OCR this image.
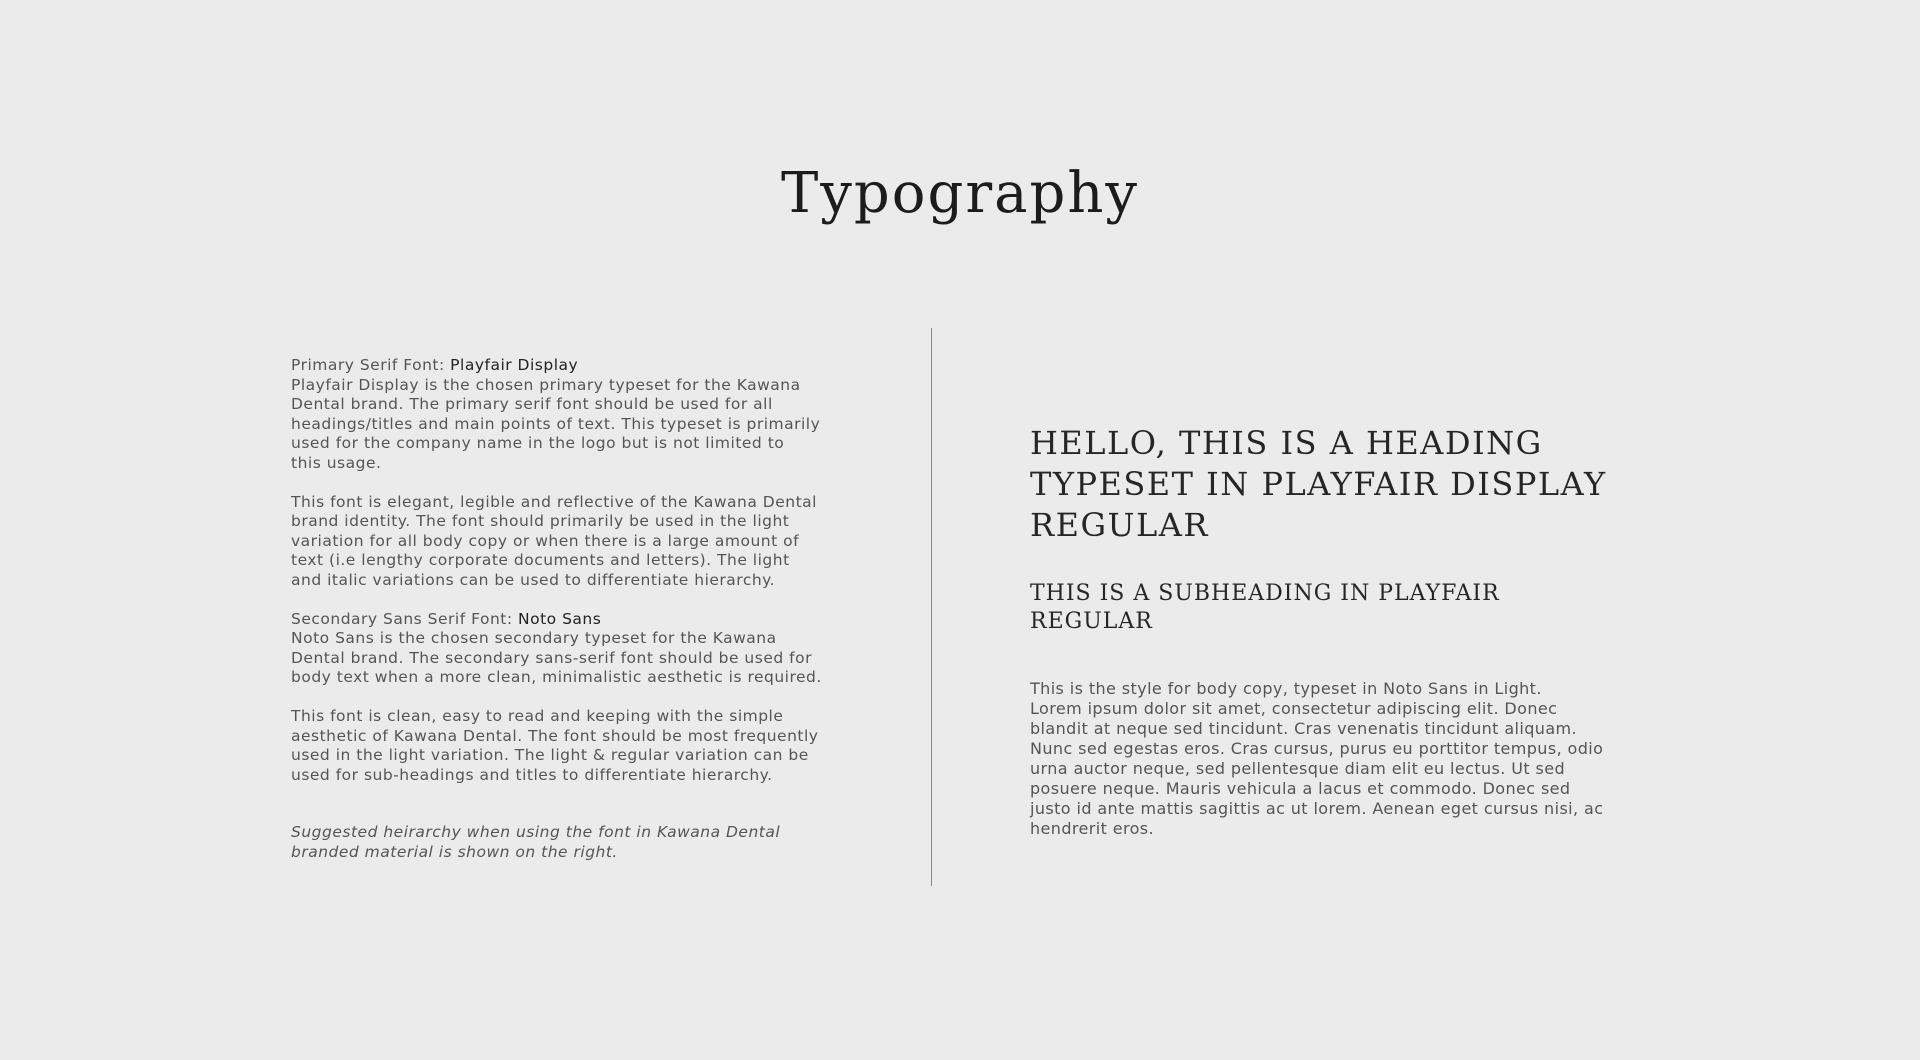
Typography

Primary Serif Font: Playfair Display
Playfair Display is the chosen primary typeset for the Kawana
Dental brand. The primary serif font should be used for all
headings/titles and main points of text. This typeset is primarily
used for the company name in the logo but is not limited to
this usage.

This font is elegant, legible and reflective of the Kawana Dental
brand identity. The font should primarily be used in the light
variation for all body copy or when there is a large amount of
text (i.e lengthy corporate documents and letters). The light
and italic variations can be used to differentiate hierarchy.

Secondary Sans Serif Font: Noto Sans
Noto Sans is the chosen secondary typeset for the Kawana
Dental brand. The secondary sans-serif font should be used for
body text when a more clean, minimalistic aesthetic is required.

This font is clean, easy to read and keeping with the simple
aesthetic of Kawana Dental. The font should be most frequently
used in the light variation. The light & regular variation can be
used for sub-headings and titles to differentiate hierarchy.

Suggested heirarchy when using the font in Kawana Dental
branded material is shown on the right.

HELLO, THIS IS A HEADING
TYPESET IN PLAYFAIR DISPLAY
REGULAR
THIS IS A SUBHEADING IN PLAYFAIR REGULAR

This is the style for body copy, typeset in Noto Sans in Light.
Lorem ipsum dolor sit amet, consectetur adipiscing elit. Donec
blandit at neque sed tincidunt. Cras venenatis tincidunt aliquam.
Nunc sed egestas eros. Cras cursus, purus eu porttitor tempus, odio
urna auctor neque, sed pellentesque diam elit eu lectus. Ut sed
posuere neque. Mauris vehicula a lacus et commodo. Donec sed
justo id ante mattis sagittis ac ut lorem. Aenean eget cursus nisi, ac
hendrerit eros.
